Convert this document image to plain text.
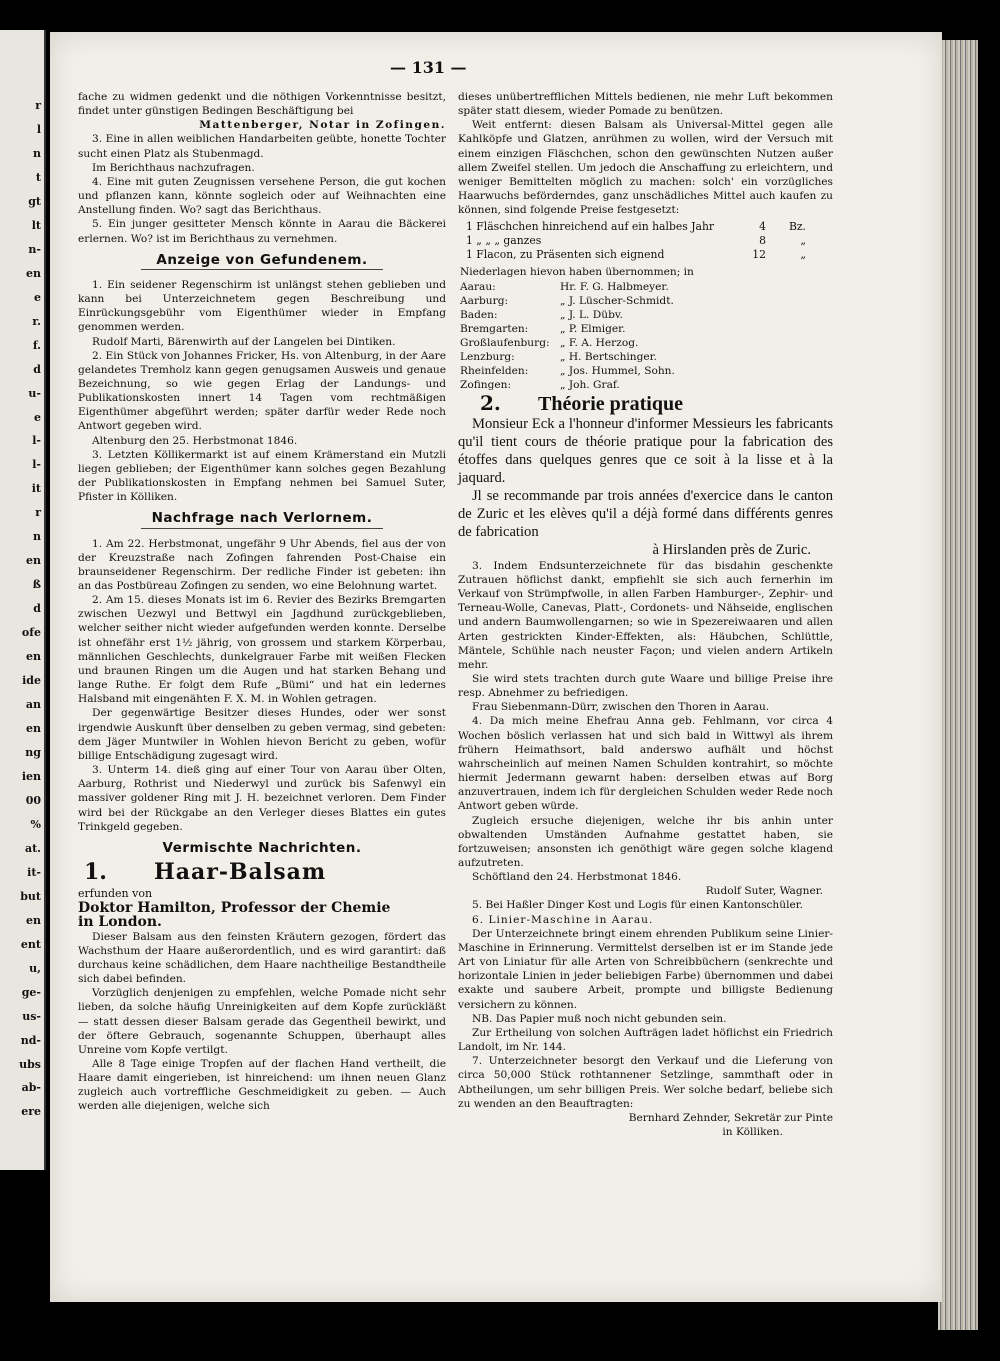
r
l
n
t
gt
lt
n-
en
e
r.
f.
d
u-
e
l-
l-
it
r
n
en
ß
d
ofe
en
ide
an
en
ng
ien
00
%
at.
it-
but
en
ent
u,
ge-
us-
nd-
ubs
ab-
ere
— 131 —

fache zu widmen gedenkt und die nöthigen Vorkenntnisse besitzt, findet unter günstigen Bedingen Beschäftigung bei

Mattenberger, Notar in Zofingen.

3. Eine in allen weiblichen Handarbeiten geübte, honette Tochter sucht einen Platz als Stubenmagd.

Im Berichthaus nachzufragen.

4. Eine mit guten Zeugnissen versehene Person, die gut kochen und pflanzen kann, könnte sogleich oder auf Weihnachten eine Anstellung finden. Wo? sagt das Berichthaus.

5. Ein junger gesitteter Mensch könnte in Aarau die Bäckerei erlernen. Wo? ist im Berichthaus zu vernehmen.

Anzeige von Gefundenem.

1. Ein seidener Regenschirm ist unlängst stehen geblieben und kann bei Unterzeichnetem gegen Beschreibung und Einrückungsgebühr vom Eigenthümer wieder in Empfang genommen werden.

Rudolf Marti, Bärenwirth auf der Langelen bei Dintiken.

2. Ein Stück von Johannes Fricker, Hs. von Altenburg, in der Aare gelandetes Tremholz kann gegen genugsamen Ausweis und genaue Bezeichnung, so wie gegen Erlag der Landungs- und Publikationskosten innert 14 Tagen vom rechtmäßigen Eigenthümer abgeführt werden; später darfür weder Rede noch Antwort gegeben wird.

Altenburg den 25. Herbstmonat 1846.

3. Letzten Köllikermarkt ist auf einem Krämerstand ein Mutzli liegen geblieben; der Eigenthümer kann solches gegen Bezahlung der Publikationskosten in Empfang nehmen bei Samuel Suter, Pfister in Kölliken.

Nachfrage nach Verlornem.

1. Am 22. Herbstmonat, ungefähr 9 Uhr Abends, fiel aus der von der Kreuzstraße nach Zofingen fahrenden Post-Chaise ein braunseidener Regenschirm. Der redliche Finder ist gebeten: ihn an das Postbüreau Zofingen zu senden, wo eine Belohnung wartet.

2. Am 15. dieses Monats ist im 6. Revier des Bezirks Bremgarten zwischen Uezwyl und Bettwyl ein Jagdhund zurückgeblieben, welcher seither nicht wieder aufgefunden werden konnte. Derselbe ist ohnefähr erst 1½ jährig, von grossem und starkem Körperbau, männlichen Geschlechts, dunkelgrauer Farbe mit weißen Flecken und braunen Ringen um die Augen und hat starken Behang und lange Ruthe. Er folgt dem Rufe „Bümi“ und hat ein ledernes Halsband mit eingenähten F. X. M. in Wohlen getragen.

Der gegenwärtige Besitzer dieses Hundes, oder wer sonst irgendwie Auskunft über denselben zu geben vermag, sind gebeten: dem Jäger Muntwiler in Wohlen hievon Bericht zu geben, wofür billige Entschädigung zugesagt wird.

3. Unterm 14. dieß ging auf einer Tour von Aarau über Olten, Aarburg, Rothrist und Niederwyl und zurück bis Safenwyl ein massiver goldener Ring mit J. H. bezeichnet verloren. Dem Finder wird bei der Rückgabe an den Verleger dieses Blattes ein gutes Trinkgeld gegeben.

Vermischte Nachrichten.
1.	Haar-Balsam

erfunden von

Doktor Hamilton, Professor der Chemie

in London.

Dieser Balsam aus den feinsten Kräutern gezogen, fördert das Wachsthum der Haare außerordentlich, und es wird garantirt: daß durchaus keine schädlichen, dem Haare nachtheilige Bestandtheile sich dabei befinden.

Vorzüglich denjenigen zu empfehlen, welche Pomade nicht sehr lieben, da solche häufig Unreinigkeiten auf dem Kopfe zurückläßt — statt dessen dieser Balsam gerade das Gegentheil bewirkt, und der öftere Gebrauch, sogenannte Schuppen, überhaupt alles Unreine vom Kopfe vertilgt.

Alle 8 Tage einige Tropfen auf der flachen Hand vertheilt, die Haare damit eingerieben, ist hinreichend: um ihnen neuen Glanz zugleich auch vortreffliche Geschmeidigkeit zu geben. — Auch werden alle diejenigen, welche sich

dieses unübertrefflichen Mittels bedienen, nie mehr Luft bekommen später statt diesem, wieder Pomade zu benützen.

Weit entfernt: diesen Balsam als Universal-Mittel gegen alle Kahlköpfe und Glatzen, anrühmen zu wollen, wird der Versuch mit einem einzigen Fläschchen, schon den gewünschten Nutzen außer allem Zweifel stellen. Um jedoch die Anschaffung zu erleichtern, und weniger Bemittelten möglich zu machen: solch' ein vorzügliches Haarwuchs beförderndes, ganz unschädliches Mittel auch kaufen zu können, sind folgende Preise festgesetzt:

1 Fläschchen hinreichend auf ein halbes Jahr	4	Bz.
1 „ „ „ ganzes	8	„
1 Flacon, zu Präsenten sich eignend	12	„

Niederlagen hievon haben übernommen; in

Aarau:	Hr. F. G. Halbmeyer.
Aarburg:	„ J. Lüscher-Schmidt.
Baden:	„ J. L. Dübv.
Bremgarten:	„ P. Elmiger.
Großlaufenburg: „ F. A. Herzog.
Lenzburg:	„ H. Bertschinger.
Rheinfelden:	„ Jos. Hummel, Sohn.
Zofingen:	„ Joh. Graf.
2.	Théorie pratique

Monsieur Eck a l'honneur d'informer Messieurs les fabricants qu'il tient cours de théorie pratique pour la fabrication des étoffes dans quelques genres que ce soit à la lisse et à la jaquard.

Jl se recommande par trois années d'exercice dans le canton de Zuric et les elèves qu'il a déjà formé dans différents genres de fabrication

à Hirslanden près de Zuric.

3. Indem Endsunterzeichnete für das bisdahin geschenkte Zutrauen höflichst dankt, empfiehlt sie sich auch fernerhin im Verkauf von Strümpfwolle, in allen Farben Hamburger-, Zephir- und Terneau-Wolle, Canevas, Platt-, Cordonets- und Nähseide, englischen und andern Baumwollengarnen; so wie in Spezereiwaaren und allen Arten gestrickten Kinder-Effekten, als: Häubchen, Schlüttle, Mäntele, Schühle nach neuster Façon; und vielen andern Artikeln mehr.

Sie wird stets trachten durch gute Waare und billige Preise ihre resp. Abnehmer zu befriedigen.

Frau Siebenmann-Dürr, zwischen den Thoren in Aarau.

4. Da mich meine Ehefrau Anna geb. Fehlmann, vor circa 4 Wochen böslich verlassen hat und sich bald in Wittwyl als ihrem frühern Heimathsort, bald anderswo aufhält und höchst wahrscheinlich auf meinen Namen Schulden kontrahirt, so möchte hiermit Jedermann gewarnt haben: derselben etwas auf Borg anzuvertrauen, indem ich für dergleichen Schulden weder Rede noch Antwort geben würde.

Zugleich ersuche diejenigen, welche ihr bis anhin unter obwaltenden Umständen Aufnahme gestattet haben, sie fortzuweisen; ansonsten ich genöthigt wäre gegen solche klagend aufzutreten.

Schöftland den 24. Herbstmonat 1846.

Rudolf Suter, Wagner.

5. Bei Haßler Dinger Kost und Logis für einen Kantonschüler.

6. Linier-Maschine in Aarau.

Der Unterzeichnete bringt einem ehrenden Publikum seine Linier-Maschine in Erinnerung. Vermittelst derselben ist er im Stande jede Art von Liniatur für alle Arten von Schreibbüchern (senkrechte und horizontale Linien in jeder beliebigen Farbe) übernommen und dabei exakte und saubere Arbeit, prompte und billigste Bedienung versichern zu können.

NB. Das Papier muß noch nicht gebunden sein.

Zur Ertheilung von solchen Aufträgen ladet höflichst ein Friedrich Landolt, im Nr. 144.

7. Unterzeichneter besorgt den Verkauf und die Lieferung von circa 50,000 Stück rothtannener Setzlinge, sammthaft oder in Abtheilungen, um sehr billigen Preis. Wer solche bedarf, beliebe sich zu wenden an den Beauftragten:

Bernhard Zehnder, Sekretär zur Pinte

in Kölliken.
